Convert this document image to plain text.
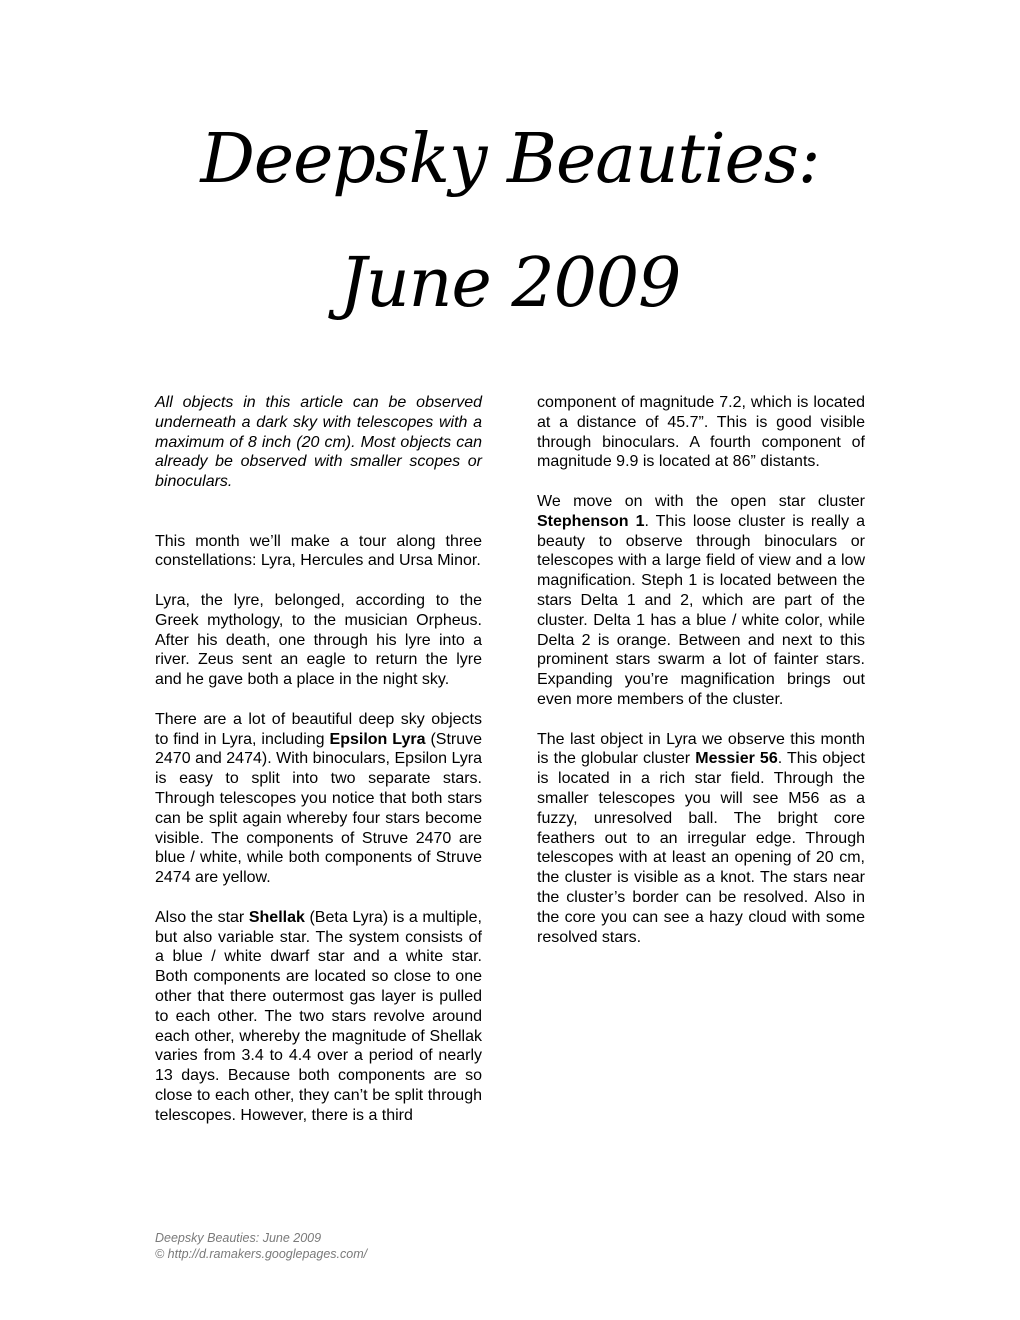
Deepsky Beauties:
June 2009

All objects in this article can be observed underneath a dark sky with telescopes with a maximum of 8 inch (20 cm). Most objects can already be observed with smaller scopes or binoculars.

This month we’ll make a tour along three constellations: Lyra, Hercules and Ursa Minor.

Lyra, the lyre, belonged, according to the Greek mythology, to the musician Orpheus. After his death, one through his lyre into a river. Zeus sent an eagle to return the lyre and he gave both a place in the night sky.

There are a lot of beautiful deep sky objects to find in Lyra, including Epsilon Lyra (Struve 2470 and 2474). With binoculars, Epsilon Lyra is easy to split into two separate stars. Through telescopes you notice that both stars can be split again whereby four stars become visible. The components of Struve 2470 are blue / white, while both components of Struve 2474 are yellow.

Also the star Shellak (Beta Lyra) is a multiple, but also variable star. The system consists of a blue / white dwarf star and a white star. Both components are located so close to one other that there outermost gas layer is pulled to each other. The two stars revolve around each other, whereby the magnitude of Shellak varies from 3.4 to 4.4 over a period of nearly 13 days. Because both components are so close to each other, they can’t be split through telescopes. However, there is a third

component of magnitude 7.2, which is located at a distance of 45.7”. This is good visible through binoculars. A fourth component of magnitude 9.9 is located at 86” distants.

We move on with the open star cluster Stephenson 1. This loose cluster is really a beauty to observe through binoculars or telescopes with a large field of view and a low magnification. Steph 1 is located between the stars Delta 1 and 2, which are part of the cluster. Delta 1 has a blue / white color, while Delta 2 is orange. Between and next to this prominent stars swarm a lot of fainter stars. Expanding you’re magnification brings out even more members of the cluster.

The last object in Lyra we observe this month is the globular cluster Messier 56. This object is located in a rich star field. Through the smaller telescopes you will see M56 as a fuzzy, unresolved ball. The bright core feathers out to an irregular edge. Through telescopes with at least an opening of 20 cm, the cluster is visible as a knot. The stars near the cluster’s border can be resolved. Also in the core you can see a hazy cloud with some resolved stars.

Deepsky Beauties: June 2009
© http://d.ramakers.googlepages.com/
